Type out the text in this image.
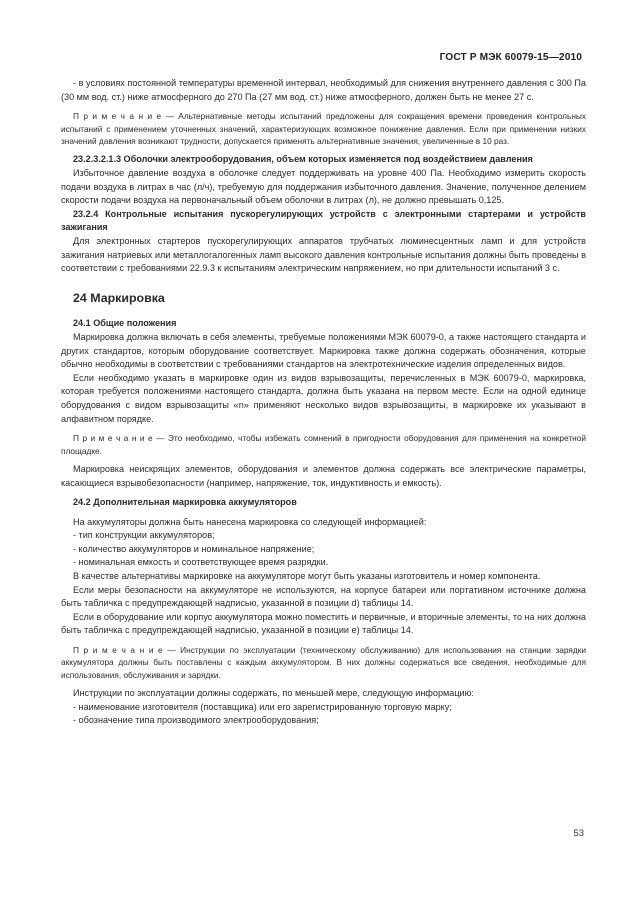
ГОСТ Р МЭК 60079-15—2010

- в условиях постоянной температуры временной интервал, необходимый для снижения внутреннего давления с 300 Па (30 мм вод. ст.) ниже атмосферного до 270 Па (27 мм вод. ст.) ниже атмосферного, должен быть не менее 27 с.

П р и м е ч а н и е — Альтернативные методы испытаний предложены для сокращения времени проведения контрольных испытаний с применением уточненных значений, характеризующих возможное понижение давления. Если при применении низких значений давления возникают трудности, допускается применять альтернативные значения, увеличенные в 10 раз.

23.2.3.2.1.3 Оболочки электрооборудования, объем которых изменяется под воздействием давления

Избыточное давление воздуха в оболочке следует поддерживать на уровне 400 Па. Необходимо измерить скорость подачи воздуха в литрах в час (л/ч), требуемую для поддержания избыточного давления. Значение, полученное делением скорости подачи воздуха на первоначальный объем оболочки в литрах (л), не должно превышать 0,125.

23.2.4 Контрольные испытания пускорегулирующих устройств с электронными стартерами и устройств зажигания

Для электронных стартеров пускорегулирующих аппаратов трубчатых люминесцентных ламп и для устройств зажигания натриевых или металлогалогенных ламп высокого давления контрольные испытания должны быть проведены в соответствии с требованиями 22.9.3 к испытаниям электрическим напряжением, но при длительности испытаний 3 с.

24 Маркировка

24.1 Общие положения

Маркировка должна включать в себя элементы, требуемые положениями МЭК 60079-0, а также настоящего стандарта и других стандартов, которым оборудование соответствует. Маркировка также должна содержать обозначения, которые обычно необходимы в соответствии с требованиями стандартов на электротехнические изделия определенных видов.

Если необходимо указать в маркировке один из видов взрывозащиты, перечисленных в МЭК 60079-0, маркировка, которая требуется положениями настоящего стандарта, должна быть указана на первом месте. Если на одной единице оборудования с видом взрывозащиты «n» применяют несколько видов взрывозащиты, в маркировке их указывают в алфавитном порядке.

П р и м е ч а н и е — Это необходимо, чтобы избежать сомнений в пригодности оборудования для применения на конкретной площадке.

Маркировка неискрящих элементов, оборудования и элементов должна содержать все электрические параметры, касающиеся взрывобезопасности (например, напряжение, ток, индуктивность и емкость).

24.2 Дополнительная маркировка аккумуляторов

На аккумуляторы должна быть нанесена маркировка со следующей информацией:

- тип конструкции аккумуляторов;

- количество аккумуляторов и номинальное напряжение;

- номинальная емкость и соответствующее время разрядки.

В качестве альтернативы маркировке на аккумуляторе могут быть указаны изготовитель и номер компонента.

Если меры безопасности на аккумуляторе не используются, на корпусе батареи или портативном источнике должна быть табличка с предупреждающей надписью, указанной в позиции d) таблицы 14.

Если в оборудование или корпус аккумулятора можно поместить и первичные, и вторичные элементы, то на них должна быть табличка с предупреждающей надписью, указанной в позиции e) таблицы 14.

П р и м е ч а н и е — Инструкции по эксплуатации (техническому обслуживанию) для использования на станции зарядки аккумулятора должны быть поставлены с каждым аккумулятором. В них должны содержаться все сведения, необходимые для использования, обслуживания и зарядки.

Инструкции по эксплуатации должны содержать, по меньшей мере, следующую информацию:

- наименование изготовителя (поставщика) или его зарегистрированную торговую марку;

- обозначение типа производимого электрооборудования;

53
